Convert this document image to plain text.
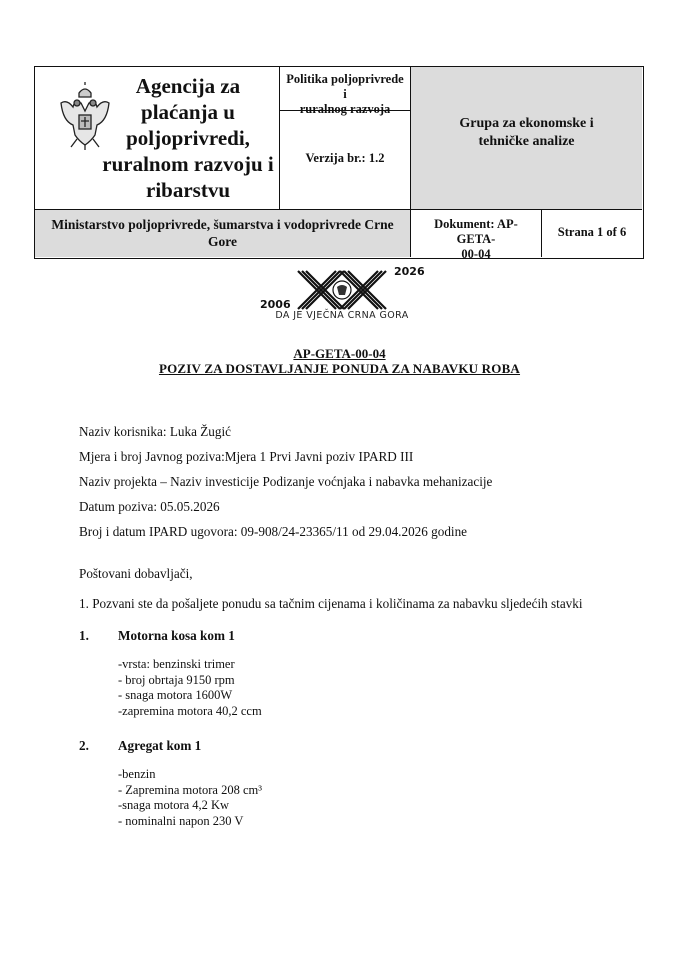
Agencija za
plaćanja u
poljoprivredi,
ruralnom razvoju i
ribarstvu
Politika poljoprivrede i
ruralnog razvoja
Verzija br.: 1.2
Grupa za ekonomske i
tehničke analize
Ministarstvo poljoprivrede, šumarstva i vodoprivrede Crne
Gore
Dokument: AP-GETA-
00-04
Strana 1 of 6
2006
2026
DA JE VJEČNA CRNA GORA
AP-GETA-00-04
POZIV ZA DOSTAVLJANJE PONUDA ZA NABAVKU ROBA
Naziv korisnika: Luka Žugić
Mjera i broj Javnog poziva:Mjera 1 Prvi Javni poziv IPARD III
Naziv projekta – Naziv investicije Podizanje voćnjaka i nabavka mehanizacije
Datum poziva: 05.05.2026
Broj i datum IPARD ugovora: 09-908/24-23365/11 od 29.04.2026 godine
Poštovani dobavljači,
1. Pozvani ste da pošaljete ponudu sa tačnim cijenama i količinama za nabavku sljedećih stavki
1. Motorna kosa kom 1
-vrsta: benzinski trimer
- broj obrtaja 9150 rpm
- snaga motora 1600W
-zapremina motora 40,2 ccm
2. Agregat kom 1
-benzin
- Zapremina motora 208 cm³
-snaga motora 4,2 Kw
- nominalni napon 230 V
